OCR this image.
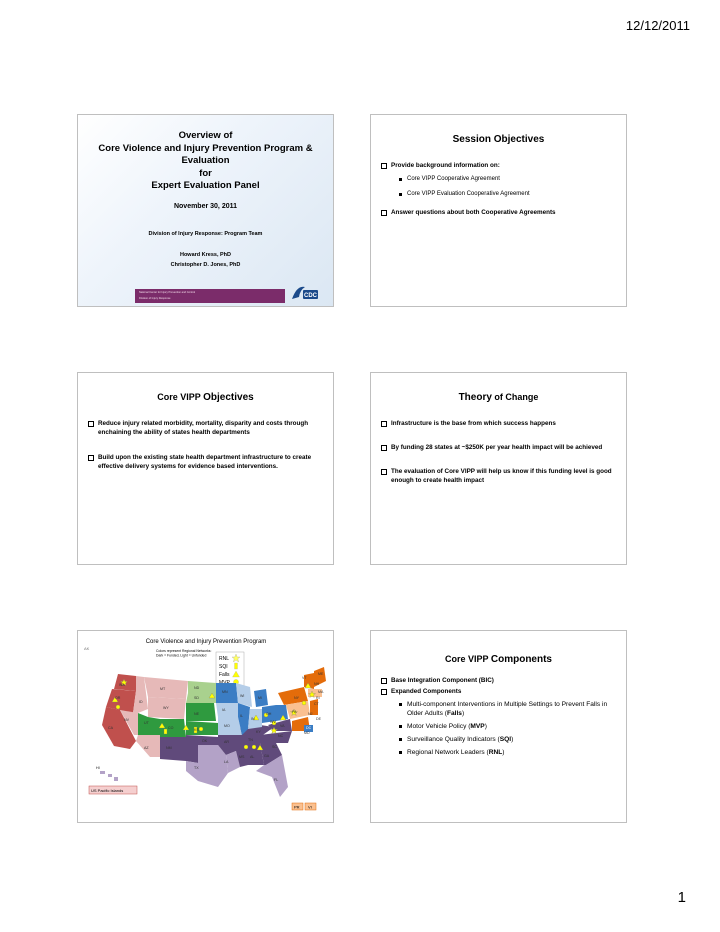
12/12/2011
Overview of
Core Violence and Injury Prevention Program &
Evaluation
for
Expert Evaluation Panel
November 30, 2011
Division of Injury Response: Program Team
Howard Kress, PhD
Christopher D. Jones, PhD
National Center for Injury Prevention and Control
Division of Injury Response	CDC
Session Objectives
Provide background information on:
Core VIPP Cooperative Agreement
Core VIPP Evaluation Cooperative Agreement
Answer questions about both Cooperative Agreements
Core VIPP Objectives
Reduce injury related morbidity, mortality, disparity and costs through enchaining the ability of states health departments
Build upon the existing state health department infrastructure to create effective delivery systems for evidence based interventions.
Theory of Change
Infrastructure is the base from which success happens
By funding 28 states at ~$250K per year health impact will be achieved
The evaluation of Core VIPP will help us know if this funding level is good enough to create health impact
Core Violence and Injury Prevention Program
Colors represent Regional Networks:
Dark = Funded, Light = Unfunded
AK
RNL
SQI
Falls
HI
US Pacific Islands
PR VI
WA
OR
CA
NV
ID
MT
WY
UT
AZ
CO
NM
ND
SD
NE
KS
OK
TX
MN
IA
MO
AR
LA
WI
IL
MI
IN
OH
KY
TN
MS AL	GA
FL
SC
NC
VA
WV
PA
NY
VT
NH
ME
MA
RI
CT
NJ
DE
MD
DC
Core VIPP Components
Base Integration Component (BIC)
Expanded Components
Multi-component Interventions in Multiple Settings to Prevent Falls in Older Adults (Falls)
Motor Vehicle Policy (MVP)
Surveillance Quality Indicators (SQI)
Regional Network Leaders (RNL)
1
